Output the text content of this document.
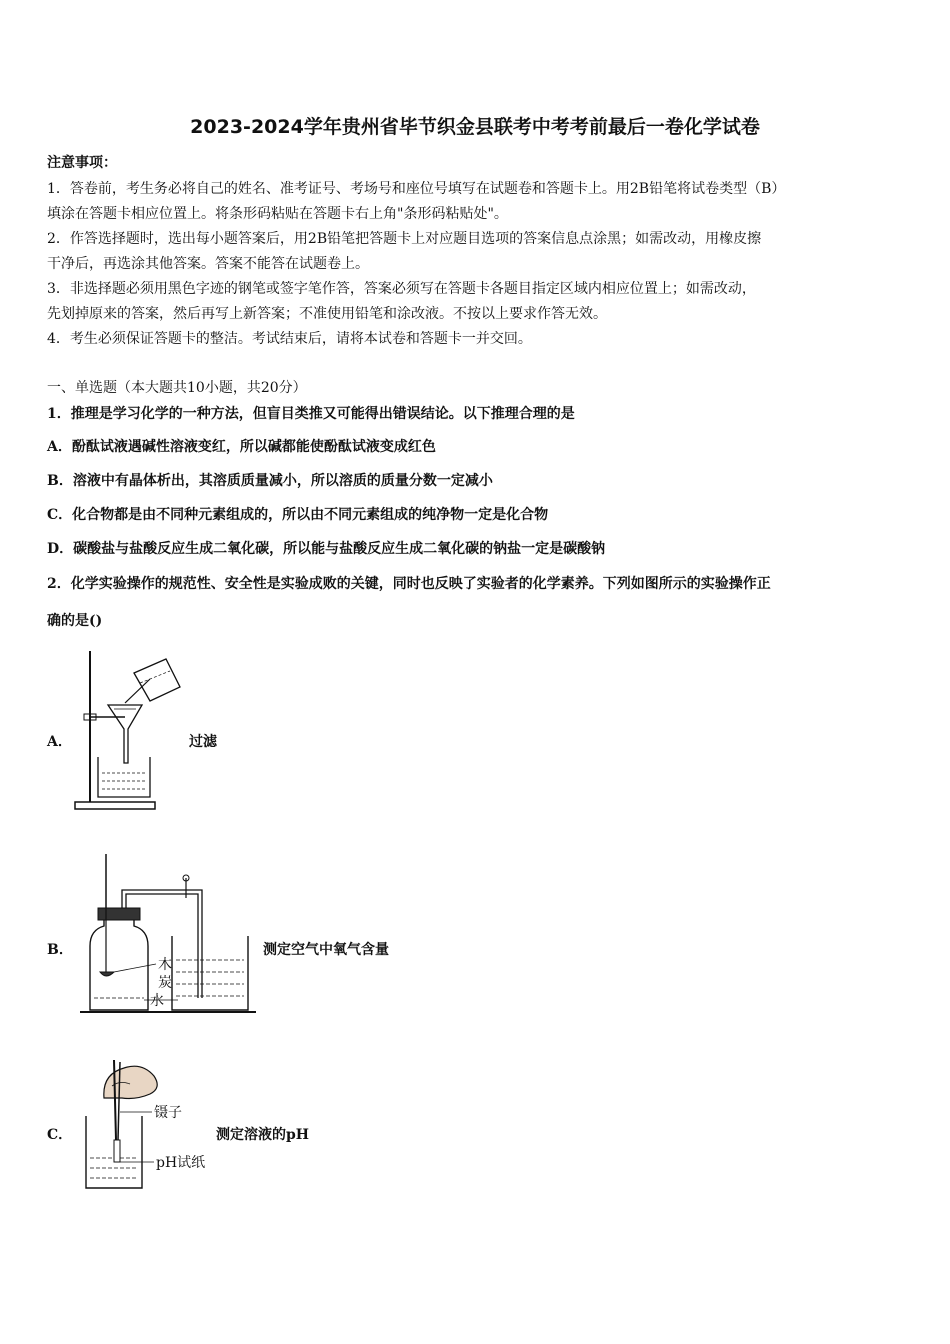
2023-2024学年贵州省毕节织金县联考中考考前最后一卷化学试卷
注意事项：
1．答卷前，考生务必将自己的姓名、准考证号、考场号和座位号填写在试题卷和答题卡上。用2B铅笔将试卷类型（B）
填涂在答题卡相应位置上。将条形码粘贴在答题卡右上角"条形码粘贴处"。
2．作答选择题时，选出每小题答案后，用2B铅笔把答题卡上对应题目选项的答案信息点涂黑；如需改动，用橡皮擦
干净后，再选涂其他答案。答案不能答在试题卷上。
3．非选择题必须用黑色字迹的钢笔或签字笔作答，答案必须写在答题卡各题目指定区域内相应位置上；如需改动，
先划掉原来的答案，然后再写上新答案；不准使用铅笔和涂改液。不按以上要求作答无效。
4．考生必须保证答题卡的整洁。考试结束后，请将本试卷和答题卡一并交回。
一、单选题（本大题共10小题，共20分）
1．推理是学习化学的一种方法，但盲目类推又可能得出错误结论。以下推理合理的是
A．酚酞试液遇碱性溶液变红，所以碱都能使酚酞试液变成红色
B．溶液中有晶体析出，其溶质质量减小，所以溶质的质量分数一定减小
C．化合物都是由不同种元素组成的，所以由不同元素组成的纯净物一定是化合物
D．碳酸盐与盐酸反应生成二氧化碳，所以能与盐酸反应生成二氧化碳的钠盐一定是碳酸钠
2．化学实验操作的规范性、安全性是实验成败的关键，同时也反映了实验者的化学素养。下列如图所示的实验操作正
确的是()
A．	过滤
B．
木
炭
水
测定空气中氧气含量
C．
镊子
pH试纸
测定溶液的pH
